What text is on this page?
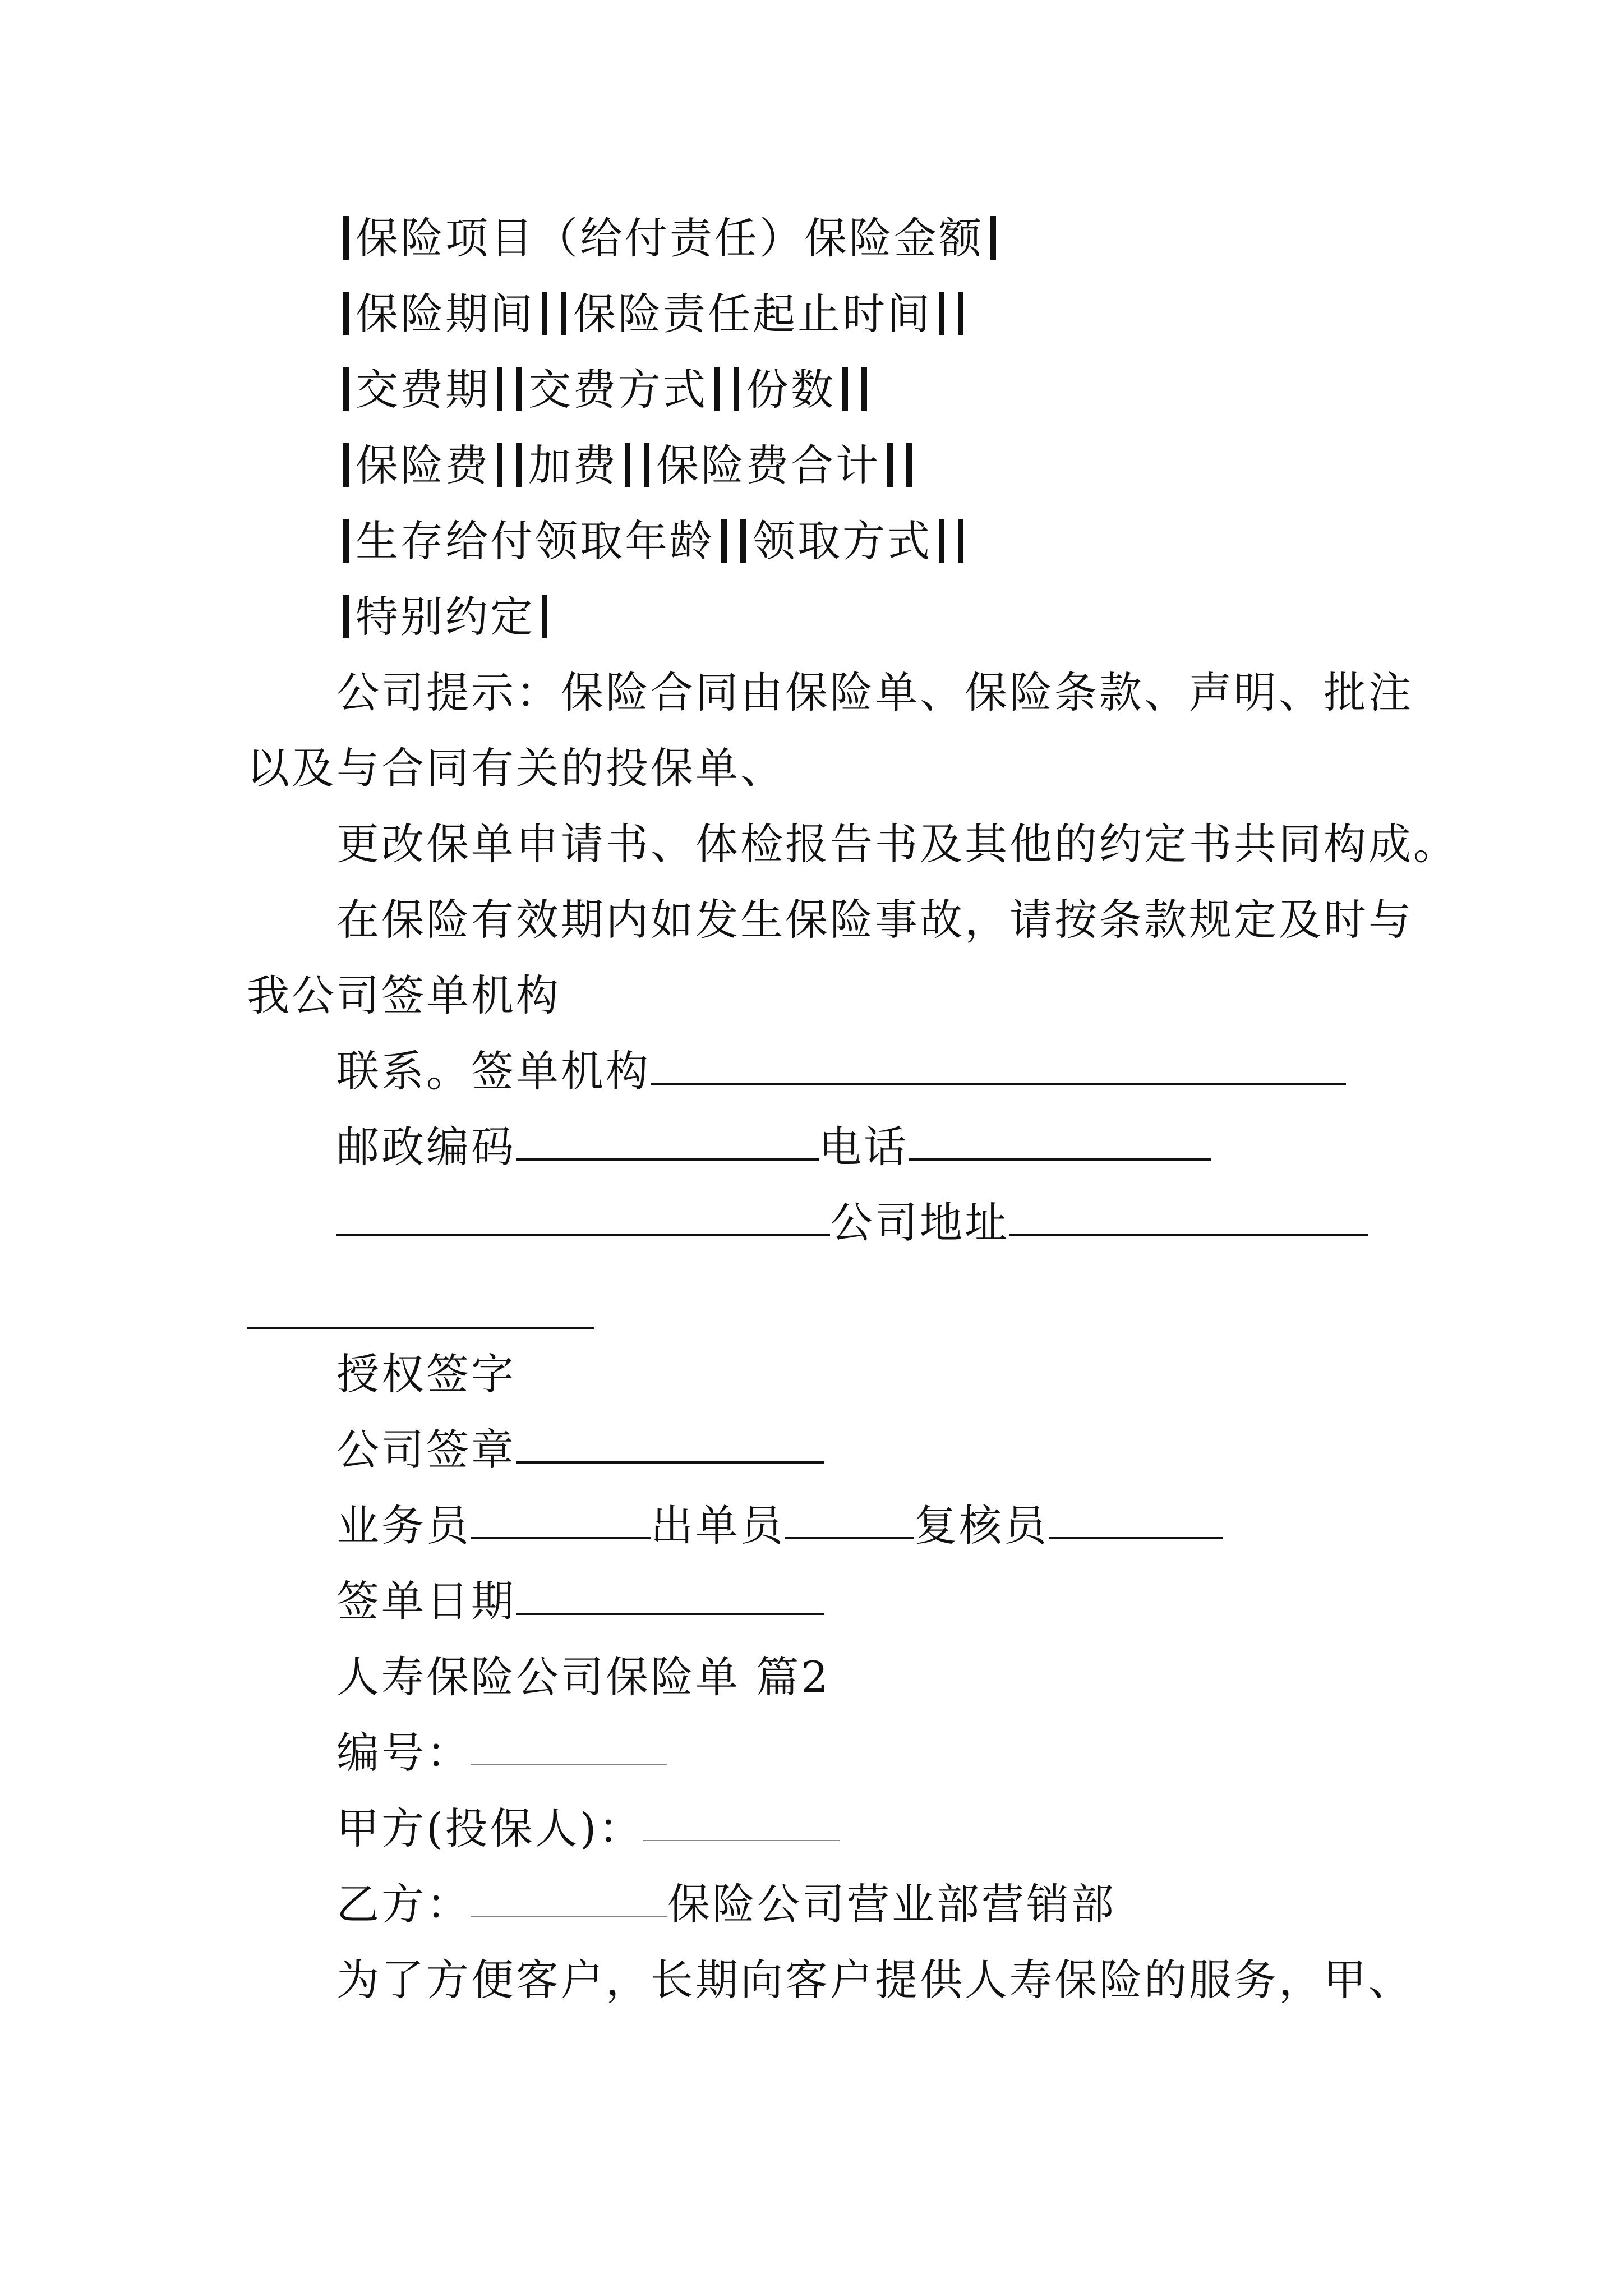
保险项目（给付责任）保险金额
保险期间 保险责任起止时间
交费期 交费方式 份数
保险费 加费 保险费合计
生存给付领取年龄 领取方式
特别约定
公司提示：保险合同由保险单、保险条款、声明、批注
以及与合同有关的投保单、
更改保单申请书、体检报告书及其他的约定书共同构成。
在保险有效期内如发生保险事故，请按条款规定及时与
我公司签单机构
联系。签单机构
邮政编码	电话
公司地址
授权签字
公司签章
业务员	出单员	复核员
签单日期
人寿保险公司保险单 篇2
编号：
甲方(投保人)：
乙方：	保险公司营业部营销部
为了方便客户，长期向客户提供人寿保险的服务，甲、
